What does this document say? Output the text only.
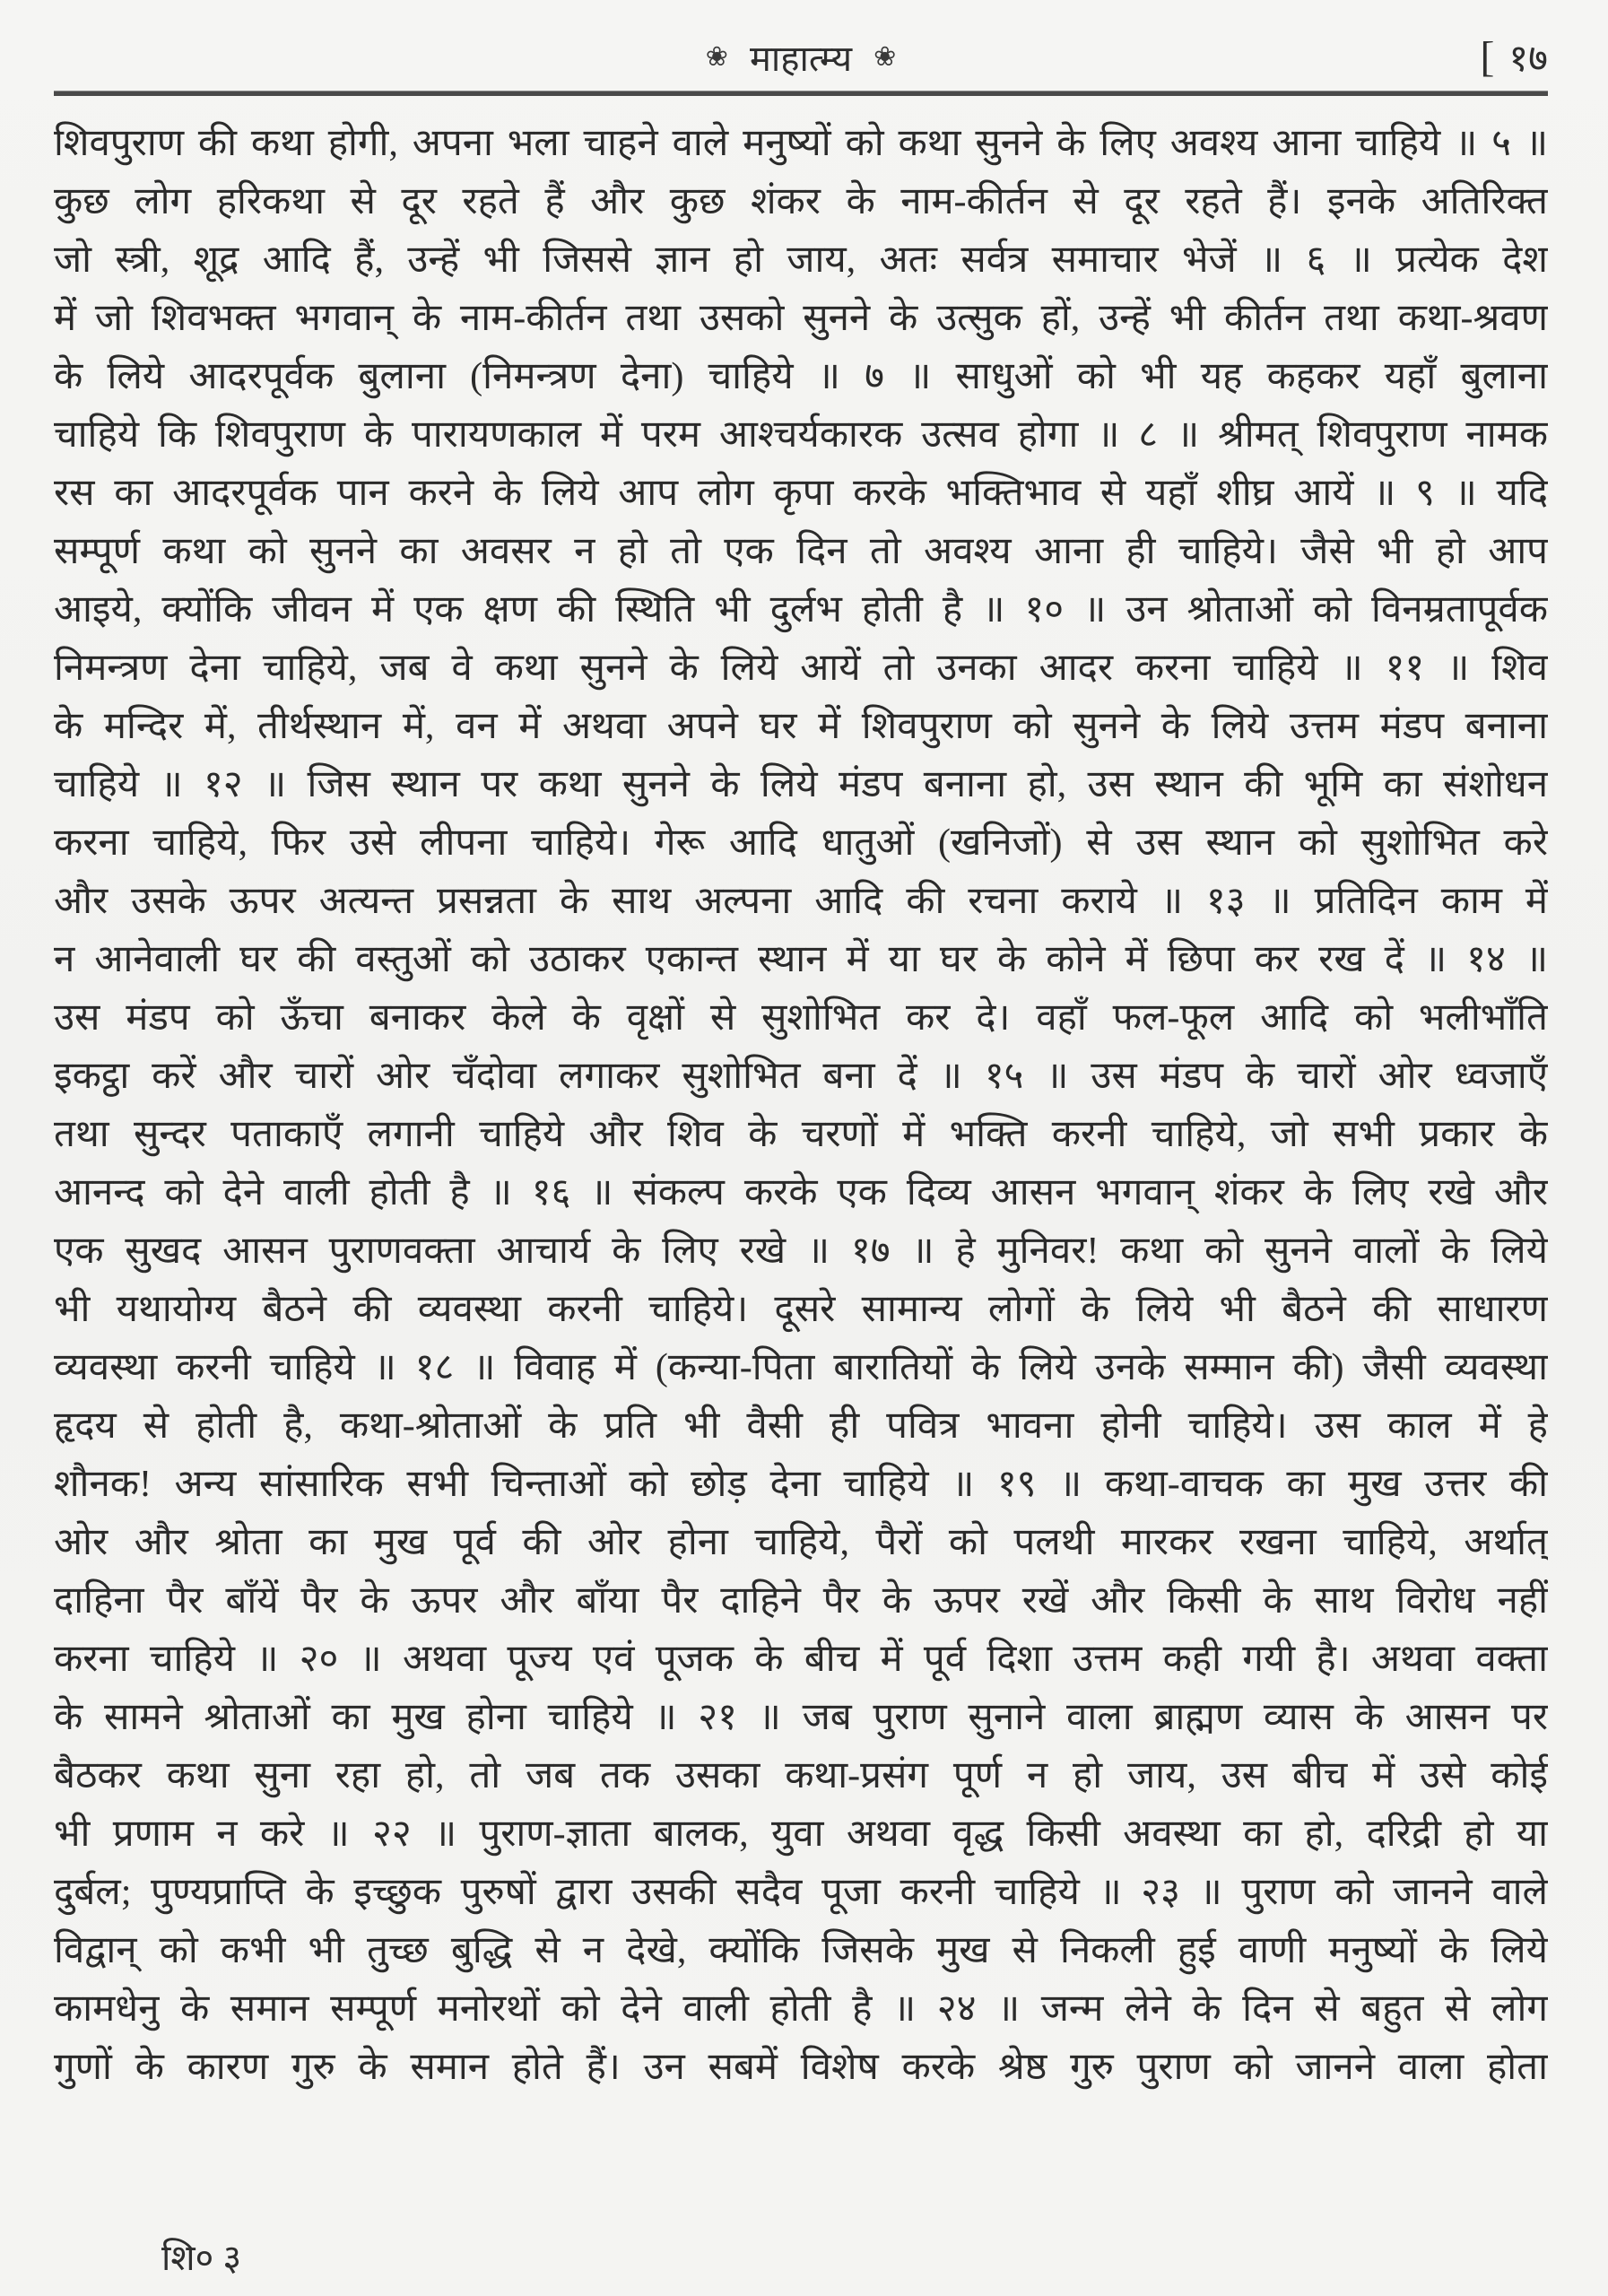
❀ माहात्म्य ❀	[ १७
शिवपुराण की कथा होगी, अपना भला चाहने वाले मनुष्यों को कथा सुनने के लिए अवश्य आना चाहिये ॥ ५ ॥
कुछ लोग हरिकथा से दूर रहते हैं और कुछ शंकर के नाम-कीर्तन से दूर रहते हैं। इनके अतिरिक्त
जो स्त्री, शूद्र आदि हैं, उन्हें भी जिससे ज्ञान हो जाय, अतः सर्वत्र समाचार भेजें ॥ ६ ॥ प्रत्येक देश
में जो शिवभक्त भगवान् के नाम-कीर्तन तथा उसको सुनने के उत्सुक हों, उन्हें भी कीर्तन तथा कथा-श्रवण
के लिये आदरपूर्वक बुलाना (निमन्त्रण देना) चाहिये ॥ ७ ॥ साधुओं को भी यह कहकर यहाँ बुलाना
चाहिये कि शिवपुराण के पारायणकाल में परम आश्चर्यकारक उत्सव होगा ॥ ८ ॥ श्रीमत् शिवपुराण नामक
रस का आदरपूर्वक पान करने के लिये आप लोग कृपा करके भक्तिभाव से यहाँ शीघ्र आयें ॥ ९ ॥ यदि
सम्पूर्ण कथा को सुनने का अवसर न हो तो एक दिन तो अवश्य आना ही चाहिये। जैसे भी हो आप
आइये, क्योंकि जीवन में एक क्षण की स्थिति भी दुर्लभ होती है ॥ १० ॥ उन श्रोताओं को विनम्रतापूर्वक
निमन्त्रण देना चाहिये, जब वे कथा सुनने के लिये आयें तो उनका आदर करना चाहिये ॥ ११ ॥ शिव
के मन्दिर में, तीर्थस्थान में, वन में अथवा अपने घर में शिवपुराण को सुनने के लिये उत्तम मंडप बनाना
चाहिये ॥ १२ ॥ जिस स्थान पर कथा सुनने के लिये मंडप बनाना हो, उस स्थान की भूमि का संशोधन
करना चाहिये, फिर उसे लीपना चाहिये। गेरू आदि धातुओं (खनिजों) से उस स्थान को सुशोभित करे
और उसके ऊपर अत्यन्त प्रसन्नता के साथ अल्पना आदि की रचना कराये ॥ १३ ॥ प्रतिदिन काम में
न आनेवाली घर की वस्तुओं को उठाकर एकान्त स्थान में या घर के कोने में छिपा कर रख दें ॥ १४ ॥
उस मंडप को ऊँचा बनाकर केले के वृक्षों से सुशोभित कर दे। वहाँ फल-फूल आदि को भलीभाँति
इकट्ठा करें और चारों ओर चँदोवा लगाकर सुशोभित बना दें ॥ १५ ॥ उस मंडप के चारों ओर ध्वजाएँ
तथा सुन्दर पताकाएँ लगानी चाहिये और शिव के चरणों में भक्ति करनी चाहिये, जो सभी प्रकार के
आनन्द को देने वाली होती है ॥ १६ ॥ संकल्प करके एक दिव्य आसन भगवान् शंकर के लिए रखे और
एक सुखद आसन पुराणवक्ता आचार्य के लिए रखे ॥ १७ ॥ हे मुनिवर! कथा को सुनने वालों के लिये
भी यथायोग्य बैठने की व्यवस्था करनी चाहिये। दूसरे सामान्य लोगों के लिये भी बैठने की साधारण
व्यवस्था करनी चाहिये ॥ १८ ॥ विवाह में (कन्या-पिता बारातियों के लिये उनके सम्मान की) जैसी व्यवस्था
हृदय से होती है, कथा-श्रोताओं के प्रति भी वैसी ही पवित्र भावना होनी चाहिये। उस काल में हे
शौनक! अन्य सांसारिक सभी चिन्ताओं को छोड़ देना चाहिये ॥ १९ ॥ कथा-वाचक का मुख उत्तर की
ओर और श्रोता का मुख पूर्व की ओर होना चाहिये, पैरों को पलथी मारकर रखना चाहिये, अर्थात्
दाहिना पैर बाँयें पैर के ऊपर और बाँया पैर दाहिने पैर के ऊपर रखें और किसी के साथ विरोध नहीं
करना चाहिये ॥ २० ॥ अथवा पूज्य एवं पूजक के बीच में पूर्व दिशा उत्तम कही गयी है। अथवा वक्ता
के सामने श्रोताओं का मुख होना चाहिये ॥ २१ ॥ जब पुराण सुनाने वाला ब्राह्मण व्यास के आसन पर
बैठकर कथा सुना रहा हो, तो जब तक उसका कथा-प्रसंग पूर्ण न हो जाय, उस बीच में उसे कोई
भी प्रणाम न करे ॥ २२ ॥ पुराण-ज्ञाता बालक, युवा अथवा वृद्ध किसी अवस्था का हो, दरिद्री हो या
दुर्बल; पुण्यप्राप्ति के इच्छुक पुरुषों द्वारा उसकी सदैव पूजा करनी चाहिये ॥ २३ ॥ पुराण को जानने वाले
विद्वान् को कभी भी तुच्छ बुद्धि से न देखे, क्योंकि जिसके मुख से निकली हुई वाणी मनुष्यों के लिये
कामधेनु के समान सम्पूर्ण मनोरथों को देने वाली होती है ॥ २४ ॥ जन्म लेने के दिन से बहुत से लोग
गुणों के कारण गुरु के समान होते हैं। उन सबमें विशेष करके श्रेष्ठ गुरु पुराण को जानने वाला होता
शि० ३
